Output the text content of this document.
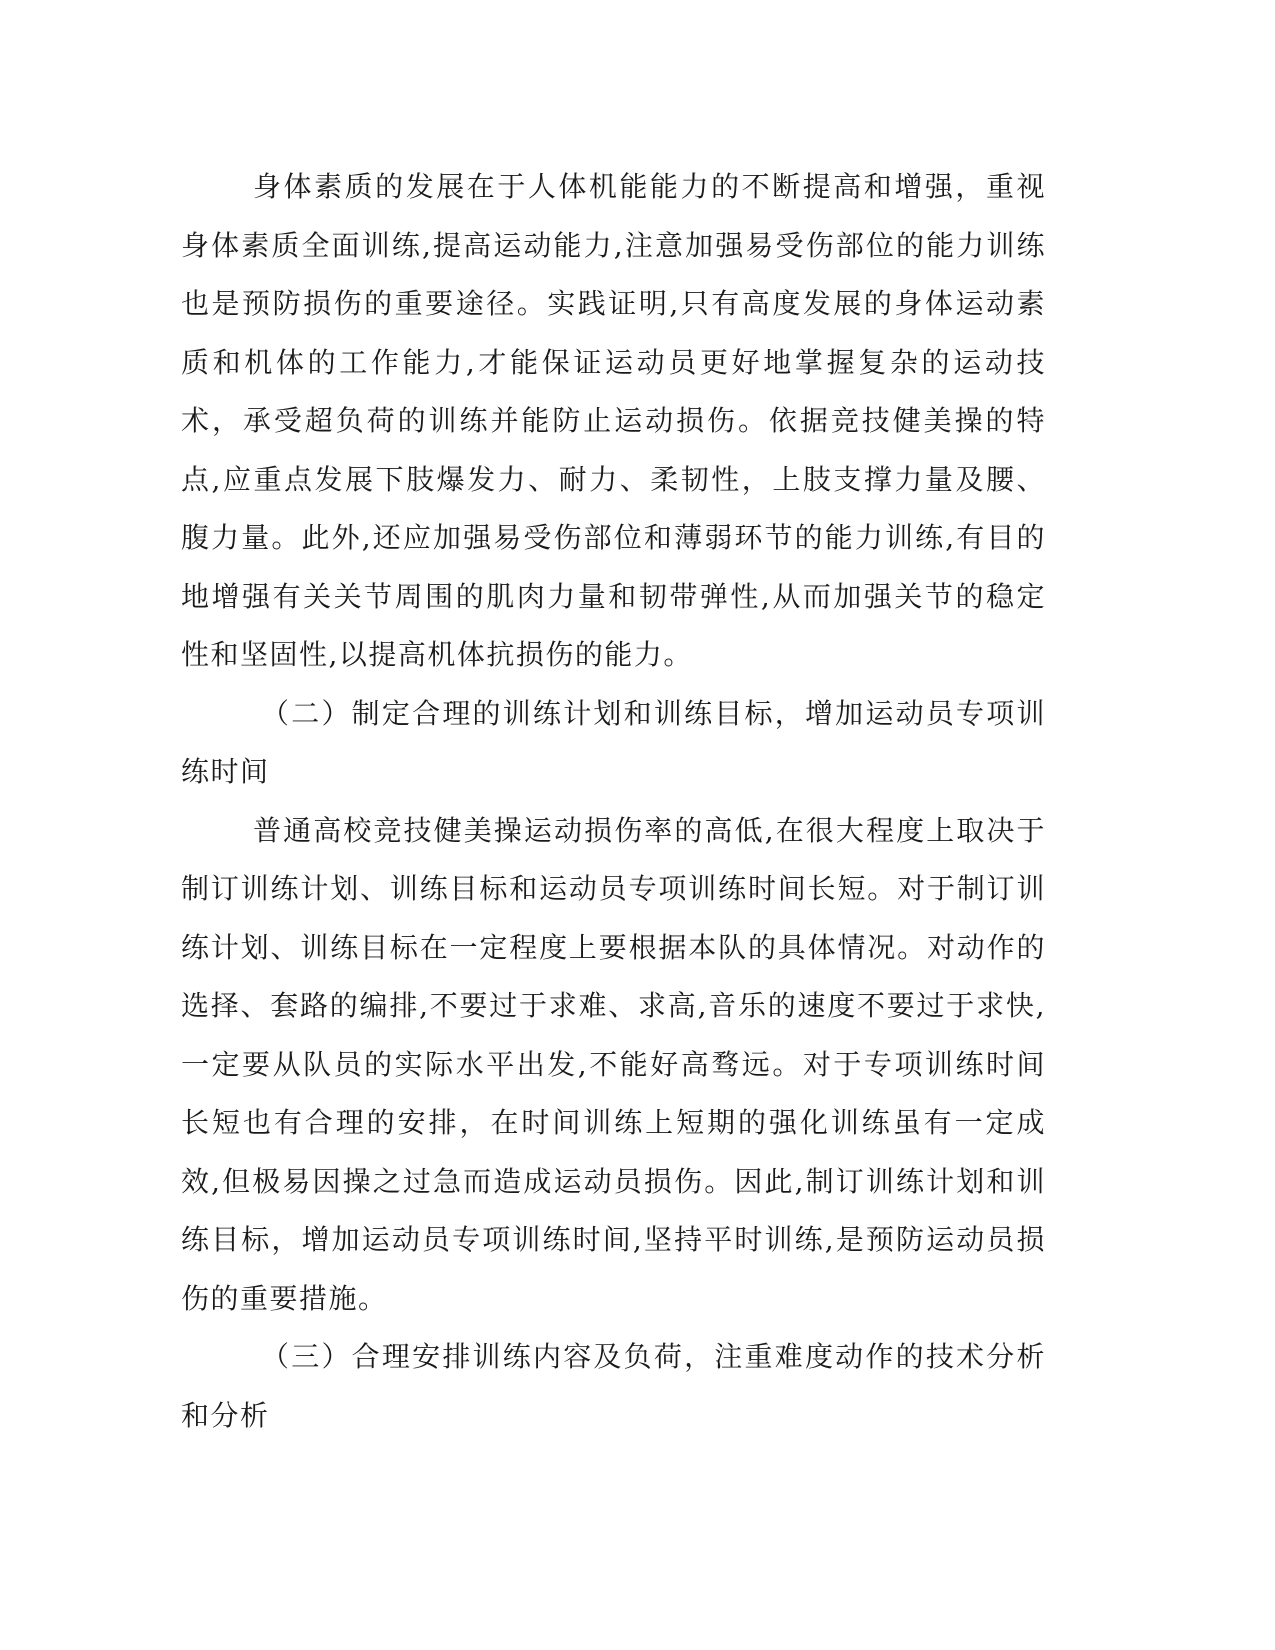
身体素质的发展在于人体机能能力的不断提高和增强，重视身体素质全面训练,提高运动能力,注意加强易受伤部位的能力训练也是预防损伤的重要途径。实践证明,只有高度发展的身体运动素质和机体的工作能力,才能保证运动员更好地掌握复杂的运动技术，承受超负荷的训练并能防止运动损伤。依据竞技健美操的特点,应重点发展下肢爆发力、耐力、柔韧性，上肢支撑力量及腰、腹力量。此外,还应加强易受伤部位和薄弱环节的能力训练,有目的地增强有关关节周围的肌肉力量和韧带弹性,从而加强关节的稳定性和坚固性,以提高机体抗损伤的能力。

（二）制定合理的训练计划和训练目标，增加运动员专项训练时间

普通高校竞技健美操运动损伤率的高低,在很大程度上取决于制订训练计划、训练目标和运动员专项训练时间长短。对于制订训练计划、训练目标在一定程度上要根据本队的具体情况。对动作的选择、套路的编排,不要过于求难、求高,音乐的速度不要过于求快,一定要从队员的实际水平出发,不能好高骛远。对于专项训练时间长短也有合理的安排，在时间训练上短期的强化训练虽有一定成效,但极易因操之过急而造成运动员损伤。因此,制订训练计划和训练目标，增加运动员专项训练时间,坚持平时训练,是预防运动员损伤的重要措施。

（三）合理安排训练内容及负荷，注重难度动作的技术分析和分析
